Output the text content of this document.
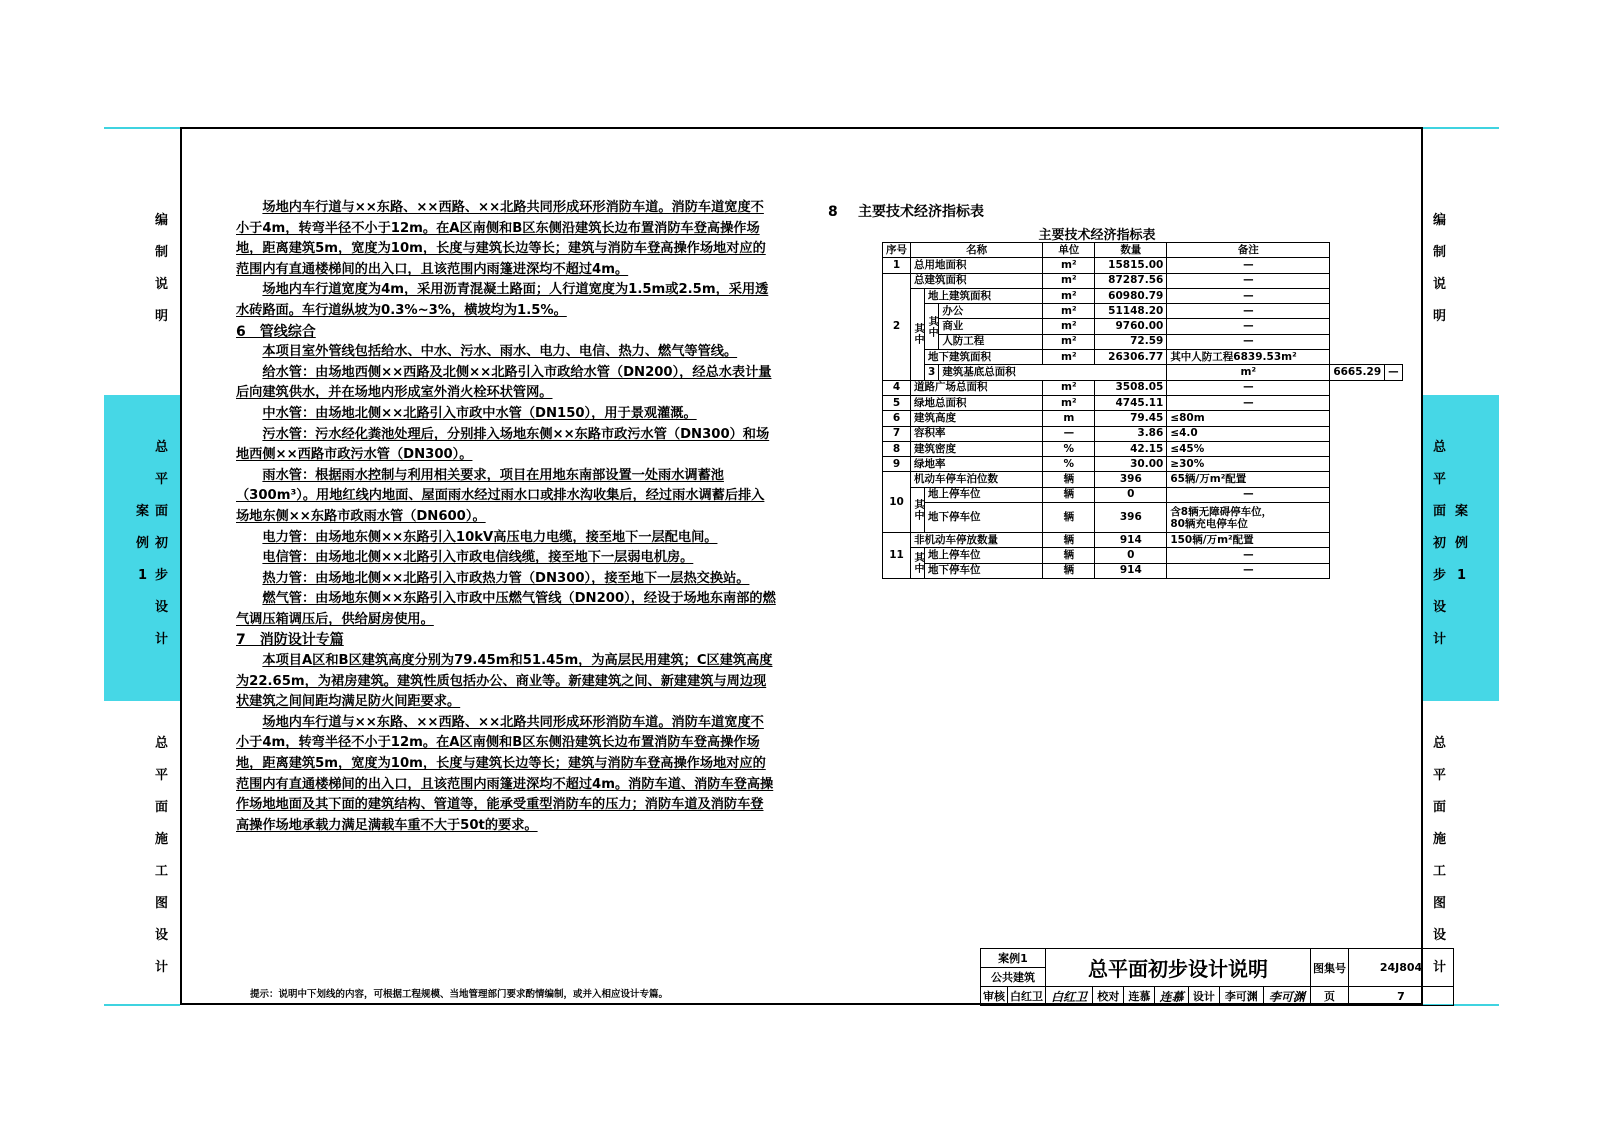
编
制
说
明
总
平
面
初
步
设
计
案
例
1
总
平
面
施
工
图
设
计
编
制
说
明
总
平
面
初
步
设
计
案
例
1
总
平
面
施
工
图
设
计

场地内车行道与××东路、××西路、××北路共同形成环形消防车道。消防车道宽度不小于4m，转弯半径不小于12m。在A区南侧和B区东侧沿建筑长边布置消防车登高操作场地，距离建筑5m，宽度为10m，长度与建筑长边等长；建筑与消防车登高操作场地对应的范围内有直通楼梯间的出入口，且该范围内雨篷进深均不超过4m。

场地内车行道宽度为4m，采用沥青混凝土路面；人行道宽度为1.5m或2.5m，采用透水砖路面。车行道纵坡为0.3%~3%，横坡均为1.5%。

6　管线综合

本项目室外管线包括给水、中水、污水、雨水、电力、电信、热力、燃气等管线。

给水管：由场地西侧××西路及北侧××北路引入市政给水管（DN200），经总水表计量后向建筑供水，并在场地内形成室外消火栓环状管网。

中水管：由场地北侧××北路引入市政中水管（DN150），用于景观灌溉。

污水管：污水经化粪池处理后，分别排入场地东侧××东路市政污水管（DN300）和场地西侧××西路市政污水管（DN300）。

雨水管：根据雨水控制与利用相关要求，项目在用地东南部设置一处雨水调蓄池（300m³）。用地红线内地面、屋面雨水经过雨水口或排水沟收集后，经过雨水调蓄后排入场地东侧××东路市政雨水管（DN600）。

电力管：由场地东侧××东路引入10kV高压电力电缆，接至地下一层配电间。

电信管：由场地北侧××北路引入市政电信线缆，接至地下一层弱电机房。

热力管：由场地北侧××北路引入市政热力管（DN300），接至地下一层热交换站。

燃气管：由场地东侧××东路引入市政中压燃气管线（DN200），经设于场地东南部的燃气调压箱调压后，供给厨房使用。

7　消防设计专篇

本项目A区和B区建筑高度分别为79.45m和51.45m，为高层民用建筑；C区建筑高度为22.65m，为裙房建筑。建筑性质包括办公、商业等。新建建筑之间、新建建筑与周边现状建筑之间间距均满足防火间距要求。

场地内车行道与××东路、××西路、××北路共同形成环形消防车道。消防车道宽度不小于4m，转弯半径不小于12m。在A区南侧和B区东侧沿建筑长边布置消防车登高操作场地，距离建筑5m，宽度为10m，长度与建筑长边等长；建筑与消防车登高操作场地对应的范围内有直通楼梯间的出入口，且该范围内雨篷进深均不超过4m。消防车道、消防车登高操作场地地面及其下面的建筑结构、管道等，能承受重型消防车的压力；消防车道及消防车登高操作场地承载力满足满载车重不大于50t的要求。

8 主要技术经济指标表
主要技术经济指标表
序号	名称			单位	数量	备注		
1	总用地面积			m²	15815.00	—		
2	总建筑面积			m²	87287.56	—		
	其中	地上建筑面积		m²	60980.79	—		
		其中	办公	m²	51148.20	—		
			商业	m²	9760.00	—		
			人防工程	m²	72.59	—		
		地下建筑面积		m²	26306.77	其中人防工程6839.53m²		
		3	建筑基底总面积			m²	6665.29	—
4	道路广场总面积			m²	3508.05	—		
5	绿地总面积			m²	4745.11	—		
6	建筑高度			m	79.45	≤80m		
7	容积率			—	3.86	≤4.0		
8	建筑密度			%	42.15	≤45%		
9	绿地率			%	30.00	≥30%		
10	机动车停车泊位数			辆	396	65辆/万m²配置		
	其中	地上停车位		辆	0	—		
		地下停车位		辆	396	含8辆无障碍停车位，
80辆充电停车位		

11	非机动车停放数量			辆	914	150辆/万m²配置		
	其中	地上停车位		辆	0	—		
		地下停车位		辆	914	—		
提示：说明中下划线的内容，可根据工程规模、当地管理部门要求酌情编制，或并入相应设计专篇。
案例1		总平面初步设计说明							图集号	24J804
公共建筑										
审核	白红卫	白红卫	校对	连慕	连慕	设计	李可渊	李可渊	页	7
